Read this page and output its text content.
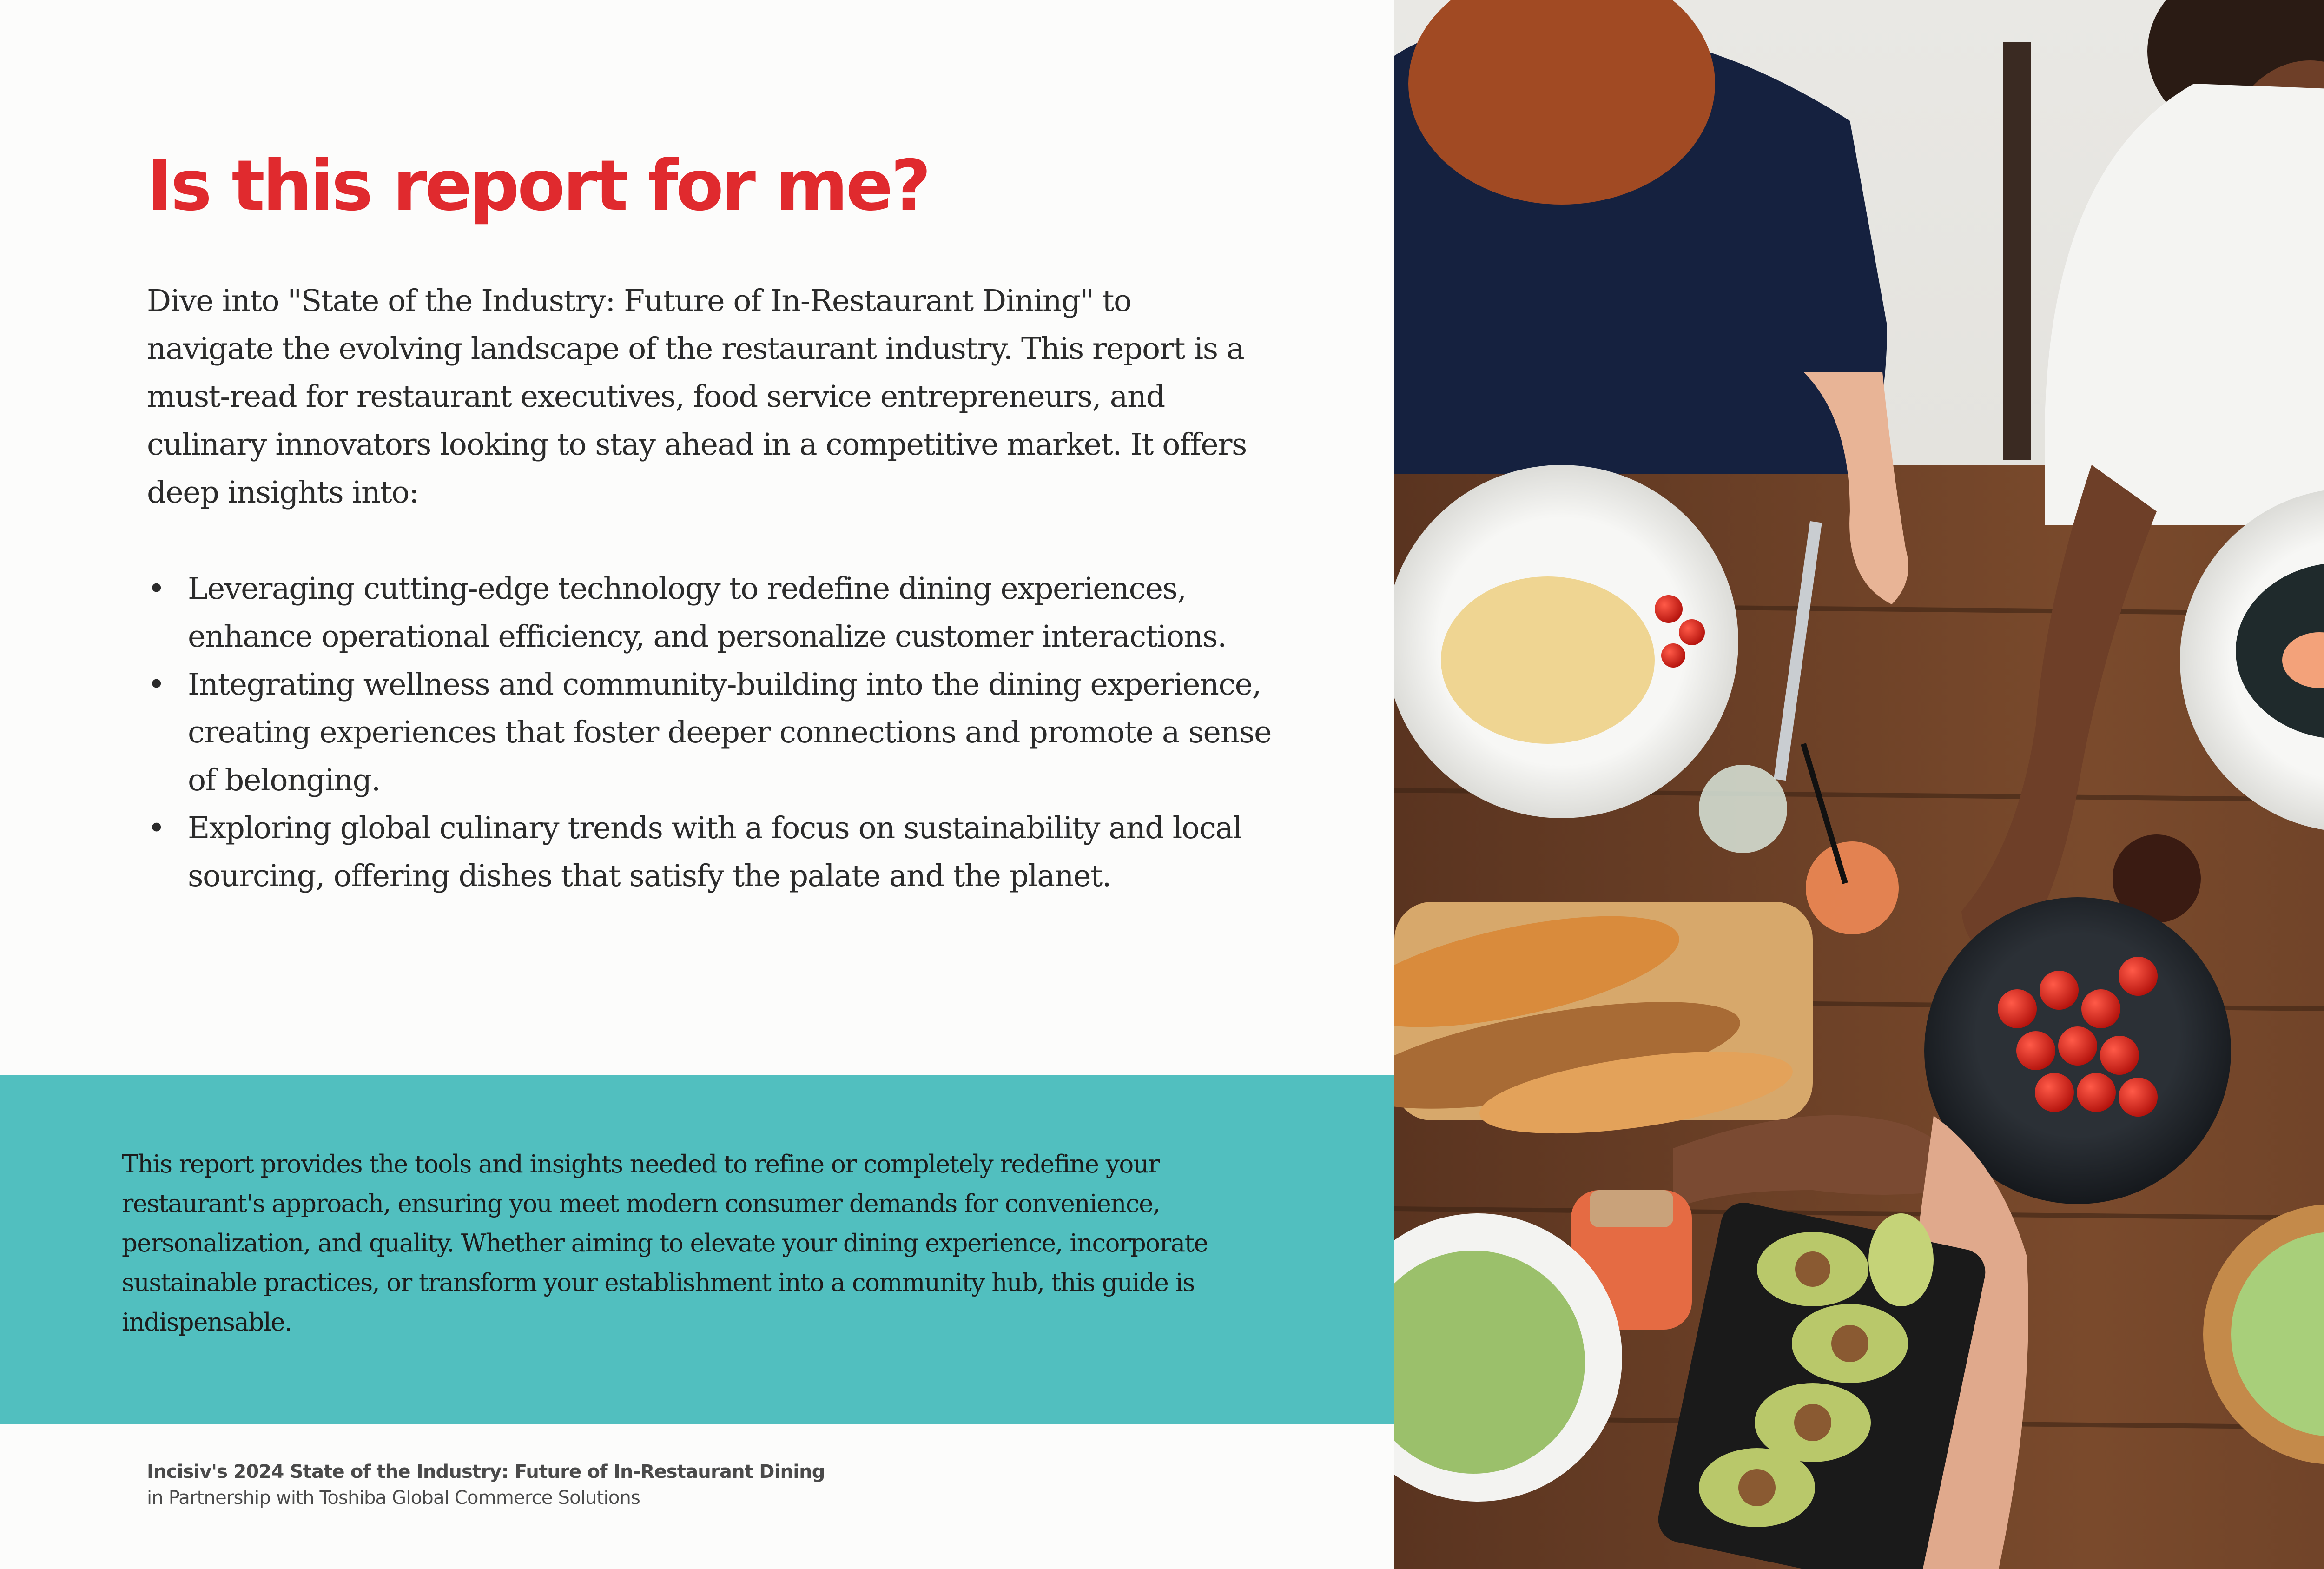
Is this report for me?

Dive into "State of the Industry: Future of In-Restaurant Dining" to navigate the evolving landscape of the restaurant industry. This report is a must-read for restaurant executives, food service entrepreneurs, and culinary innovators looking to stay ahead in a competitive market. It offers deep insights into:

• Leveraging cutting-edge technology to redefine dining experiences, enhance operational efficiency, and personalize customer interactions.
• Integrating wellness and community-building into the dining experience, creating experiences that foster deeper connections and promote a sense of belonging.
• Exploring global culinary trends with a focus on sustainability and local sourcing, offering dishes that satisfy the palate and the planet.

This report provides the tools and insights needed to refine or completely redefine your restaurant's approach, ensuring you meet modern consumer demands for convenience, personalization, and quality. Whether aiming to elevate your dining experience, incorporate sustainable practices, or transform your establishment into a community hub, this guide is indispensable.

Incisiv's 2024 State of the Industry: Future of In-Restaurant Dining
in Partnership with Toshiba Global Commerce Solutions
